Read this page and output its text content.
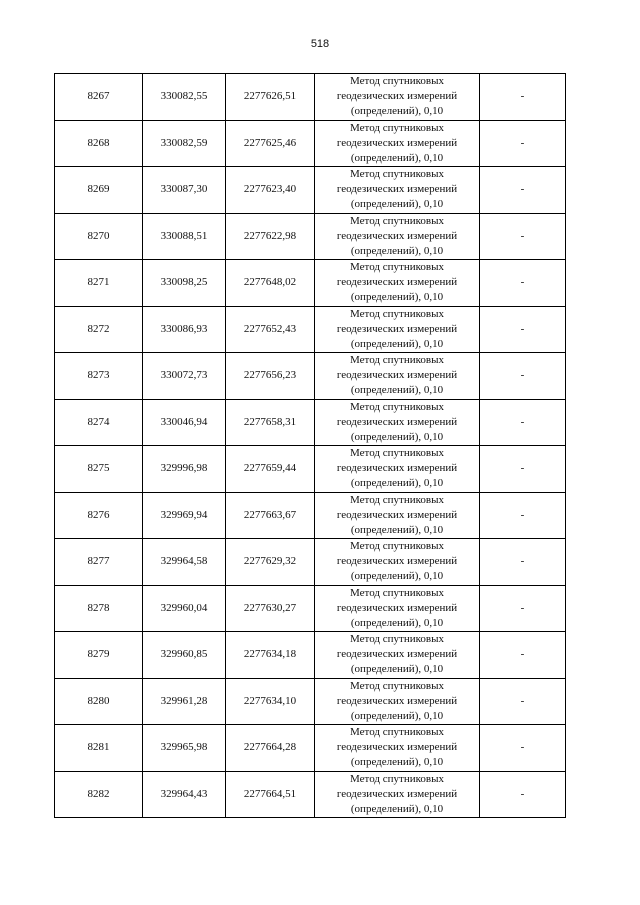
518
8267	330082,55	2277626,51	Метод спутниковых
геодезических измерений
(определений), 0,10	-
8268	330082,59	2277625,46	Метод спутниковых
геодезических измерений
(определений), 0,10	-
8269	330087,30	2277623,40	Метод спутниковых
геодезических измерений
(определений), 0,10	-
8270	330088,51	2277622,98	Метод спутниковых
геодезических измерений
(определений), 0,10	-
8271	330098,25	2277648,02	Метод спутниковых
геодезических измерений
(определений), 0,10	-
8272	330086,93	2277652,43	Метод спутниковых
геодезических измерений
(определений), 0,10	-
8273	330072,73	2277656,23	Метод спутниковых
геодезических измерений
(определений), 0,10	-
8274	330046,94	2277658,31	Метод спутниковых
геодезических измерений
(определений), 0,10	-
8275	329996,98	2277659,44	Метод спутниковых
геодезических измерений
(определений), 0,10	-
8276	329969,94	2277663,67	Метод спутниковых
геодезических измерений
(определений), 0,10	-
8277	329964,58	2277629,32	Метод спутниковых
геодезических измерений
(определений), 0,10	-
8278	329960,04	2277630,27	Метод спутниковых
геодезических измерений
(определений), 0,10	-
8279	329960,85	2277634,18	Метод спутниковых
геодезических измерений
(определений), 0,10	-
8280	329961,28	2277634,10	Метод спутниковых
геодезических измерений
(определений), 0,10	-
8281	329965,98	2277664,28	Метод спутниковых
геодезических измерений
(определений), 0,10	-
8282	329964,43	2277664,51	Метод спутниковых
геодезических измерений
(определений), 0,10	-
